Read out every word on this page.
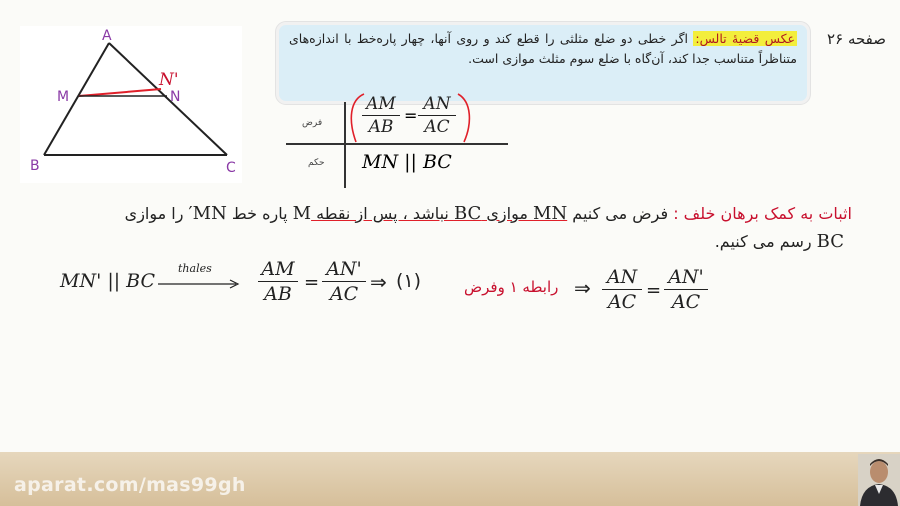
A
B	C
M	N
N'
عکس قضیهٔ تالس: اگر خطی دو ضلع مثلثی را قطع کند و روی آنها، چهار پاره‌خط با اندازه‌های متناظراً متناسب جدا کند، آن‌گاه با ضلع سوم مثلث موازی است.
صفحه ۲۶
فرض
حکم
AM
AB
=
AN
AC
MN || BC
اثبات به کمک برهان خلف : فرض می کنیم MN موازی BC نباشد ، پس از نقطه M پاره خط MN′ را موازی
BC رسم می کنیم.
MN' || BC
thales	AM
AB
=
AN'
AC ⇒ (۱)	رابطه ۱ وفرض ⇒ AN
AC
=
AN'
AC
aparat.com/mas99gh
